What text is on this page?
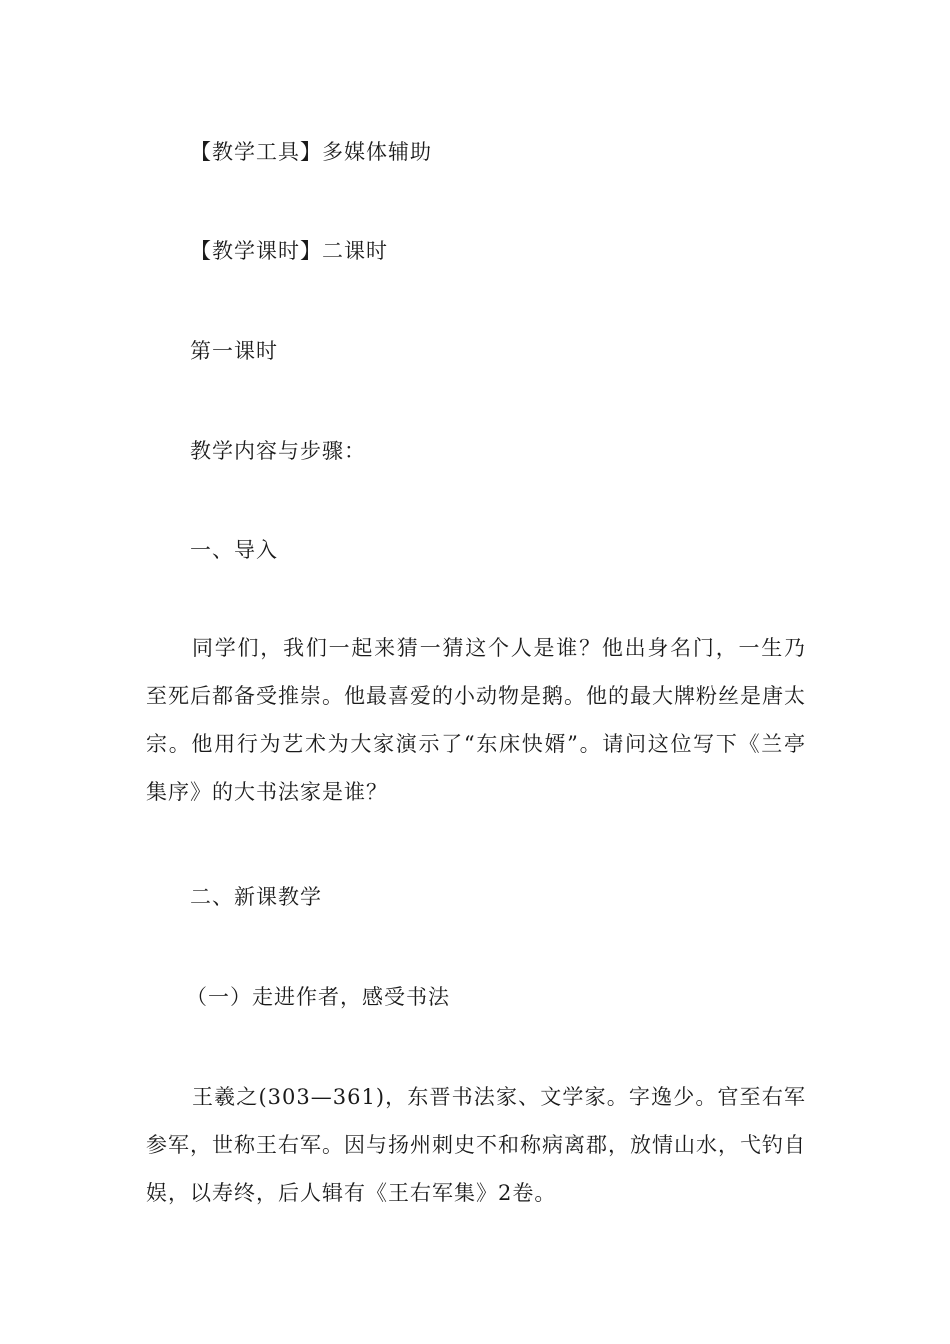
【教学工具】多媒体辅助
【教学课时】二课时
第一课时
教学内容与步骤：
一、导入
同学们，我们一起来猜一猜这个人是谁？他出身名门，一生乃至死后都备受推崇。他最喜爱的小动物是鹅。他的最大牌粉丝是唐太宗。他用行为艺术为大家演示了“东床快婿”。请问这位写下《兰亭集序》的大书法家是谁？
二、新课教学
（一）走进作者，感受书法
王羲之(303—361)，东晋书法家、文学家。字逸少。官至右军参军，世称王右军。因与扬州刺史不和称病离郡，放情山水，弋钓自娱，以寿终，后人辑有《王右军集》2卷。
